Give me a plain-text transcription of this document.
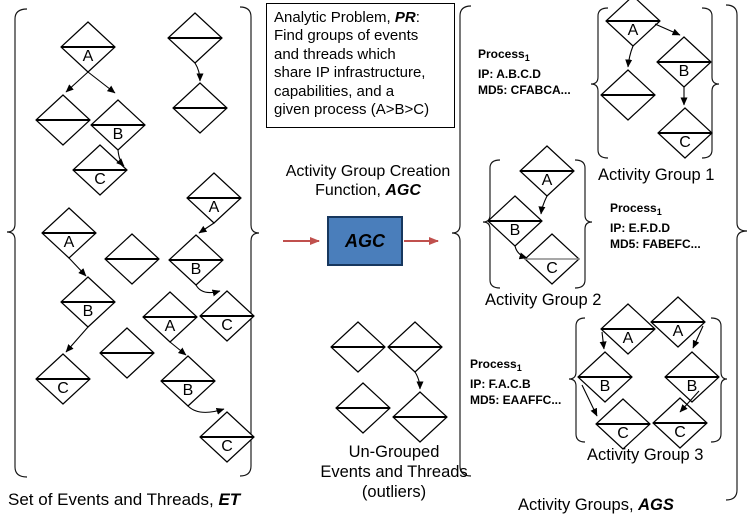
Analytic Problem, PR:
Find groups of events
and threads which
share IP infrastructure,
capabilities, and a
given process (A>B>C)
Activity Group Creation
Function, AGC
AGC
Un-Grouped
Events and Threads
(outliers)
Set of Events and Threads, ET	Activity Groups, AGS
Process$_1$
IP: A.B.C.D
MD5: CFABCA...
Process$_1$
IP: E.F.D.D
MD5: FABEFC...
Process$_1$
IP: F.A.C.B
MD5: EAAFFC...
Activity Group 1
Activity Group 2
Activity Group 3
A
B
C
A
B
C
A
B
C
A
B
C
A
B
C
A
B
C
A
B
C
A
B
C
